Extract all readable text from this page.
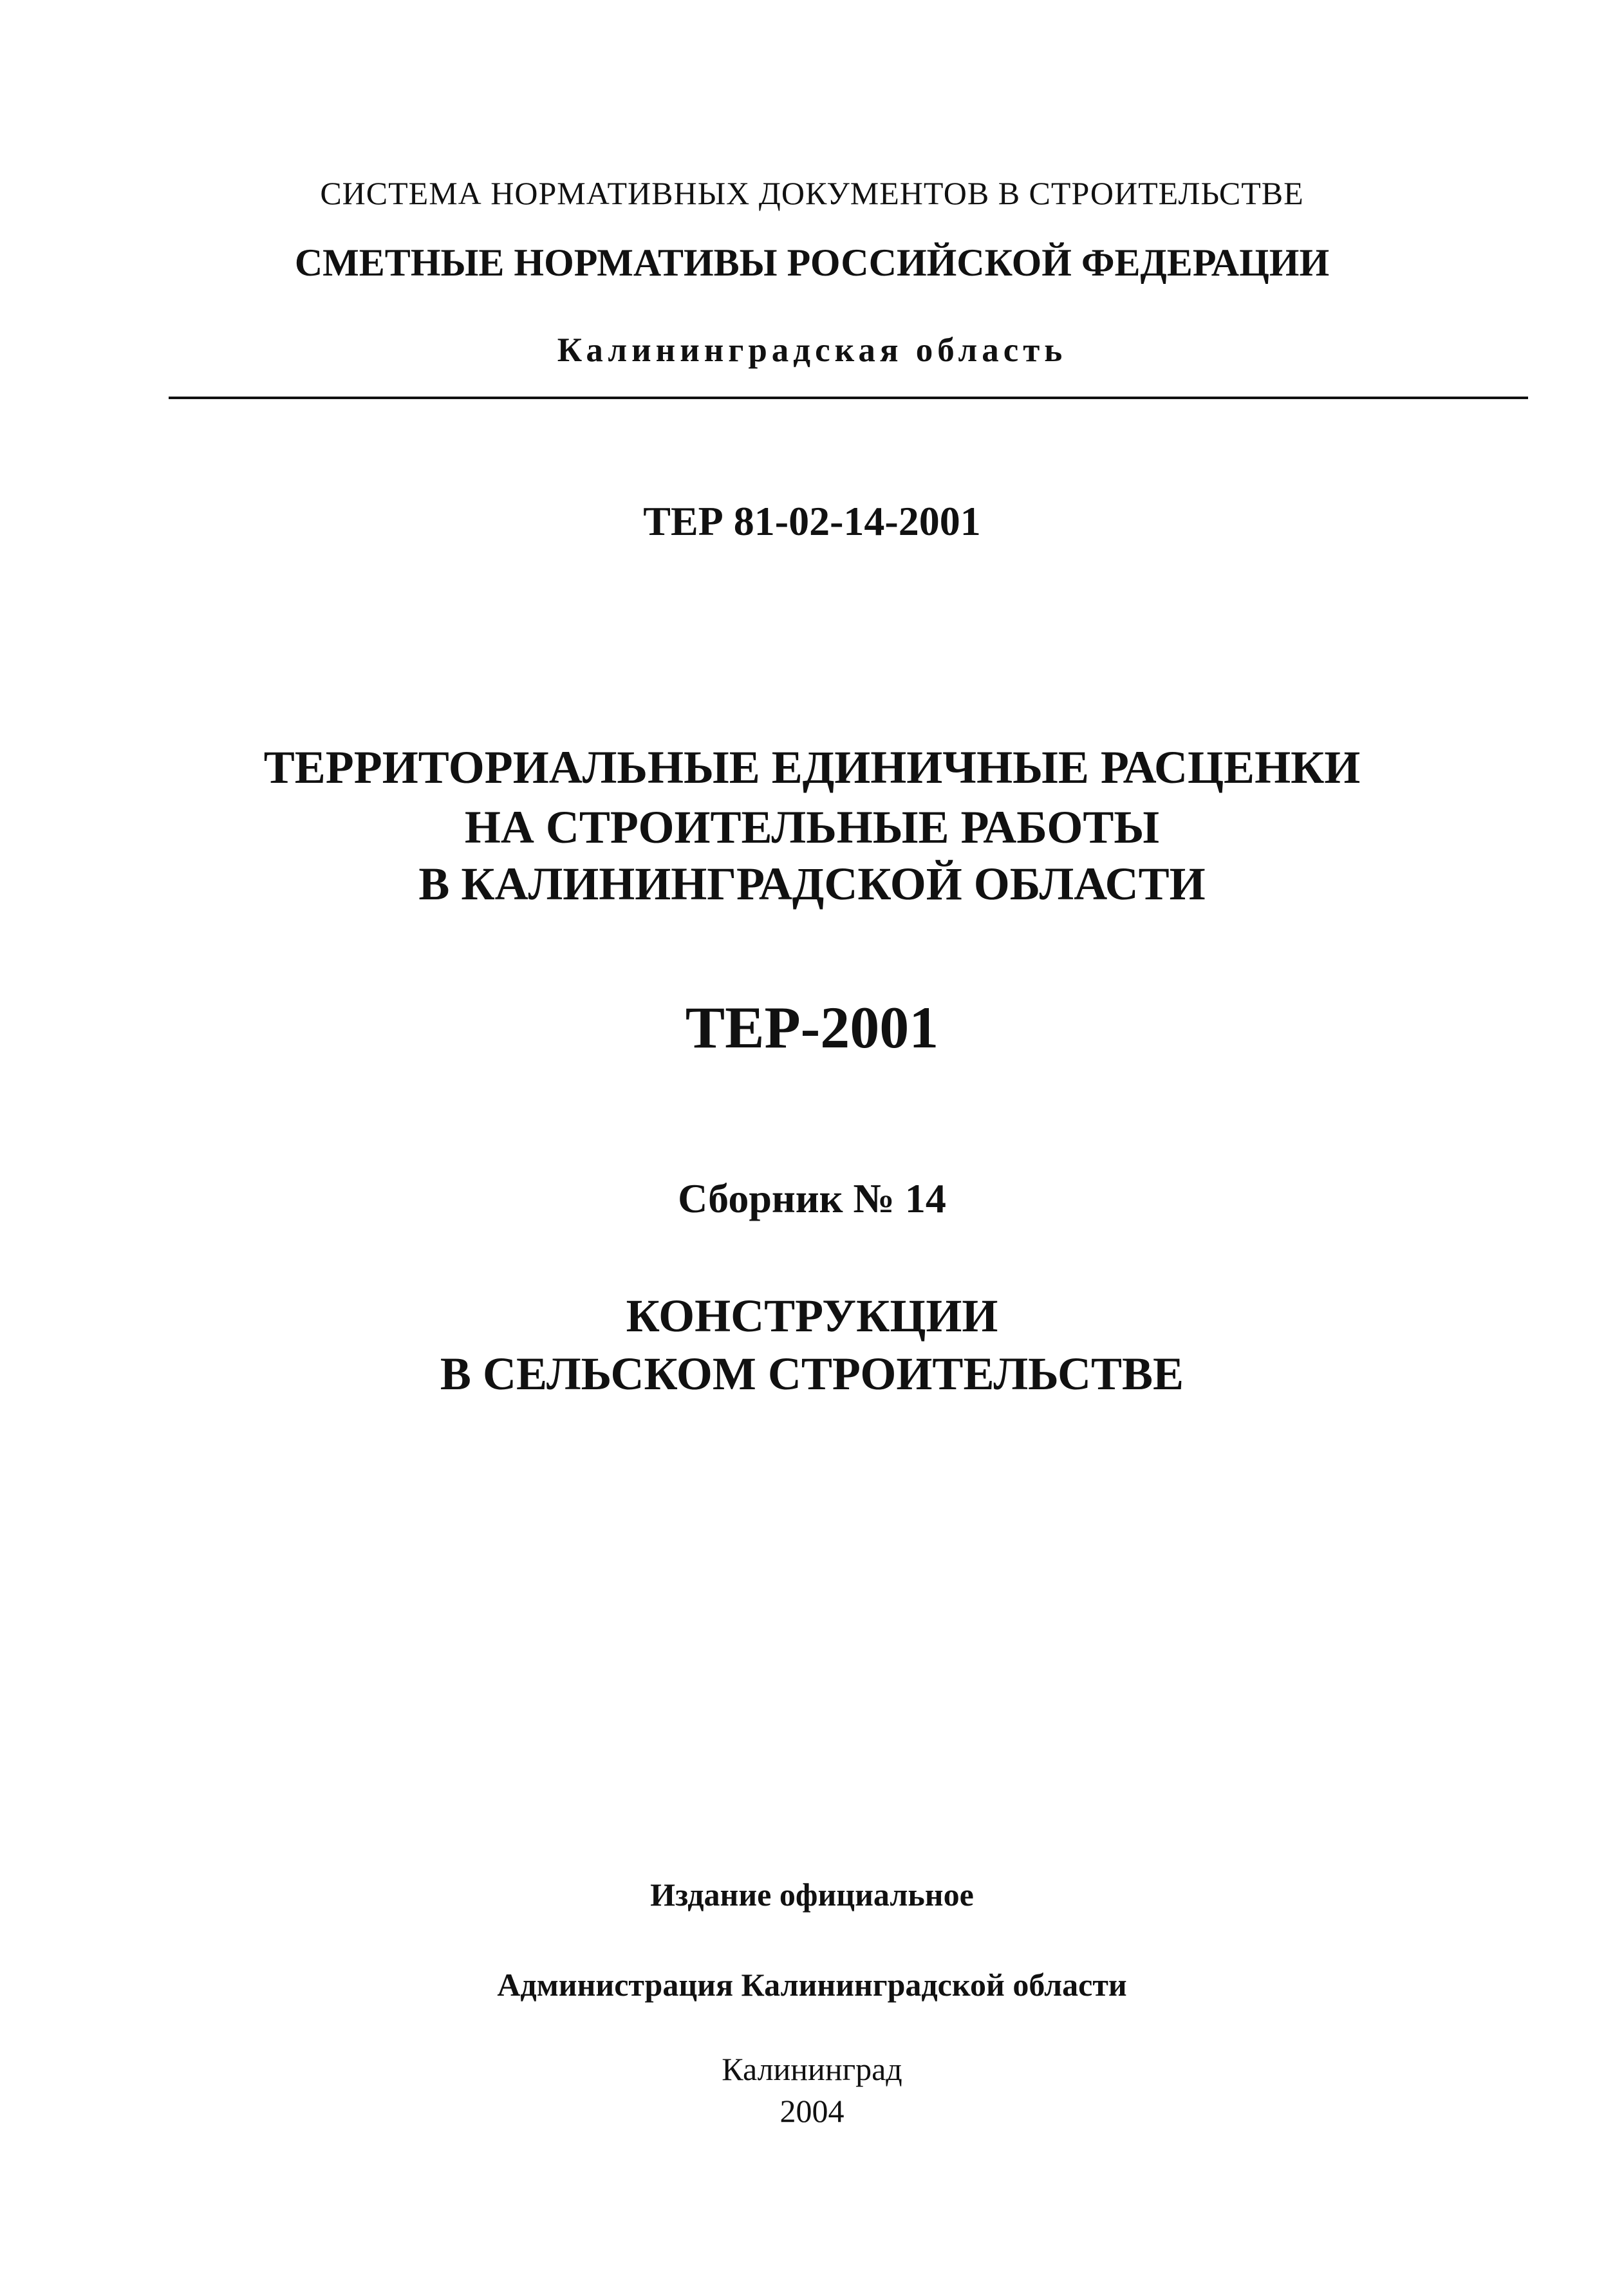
СИСТЕМА НОРМАТИВНЫХ ДОКУМЕНТОВ В СТРОИТЕЛЬСТВЕ
СМЕТНЫЕ НОРМАТИВЫ РОССИЙСКОЙ ФЕДЕРАЦИИ
Калининградская область
ТЕР 81-02-14-2001
ТЕРРИТОРИАЛЬНЫЕ ЕДИНИЧНЫЕ РАСЦЕНКИ
НА СТРОИТЕЛЬНЫЕ РАБОТЫ
В КАЛИНИНГРАДСКОЙ ОБЛАСТИ
ТЕР-2001
Сборник № 14
КОНСТРУКЦИИ
В СЕЛЬСКОМ СТРОИТЕЛЬСТВЕ
Издание официальное
Администрация Калининградской области
Калининград
2004
